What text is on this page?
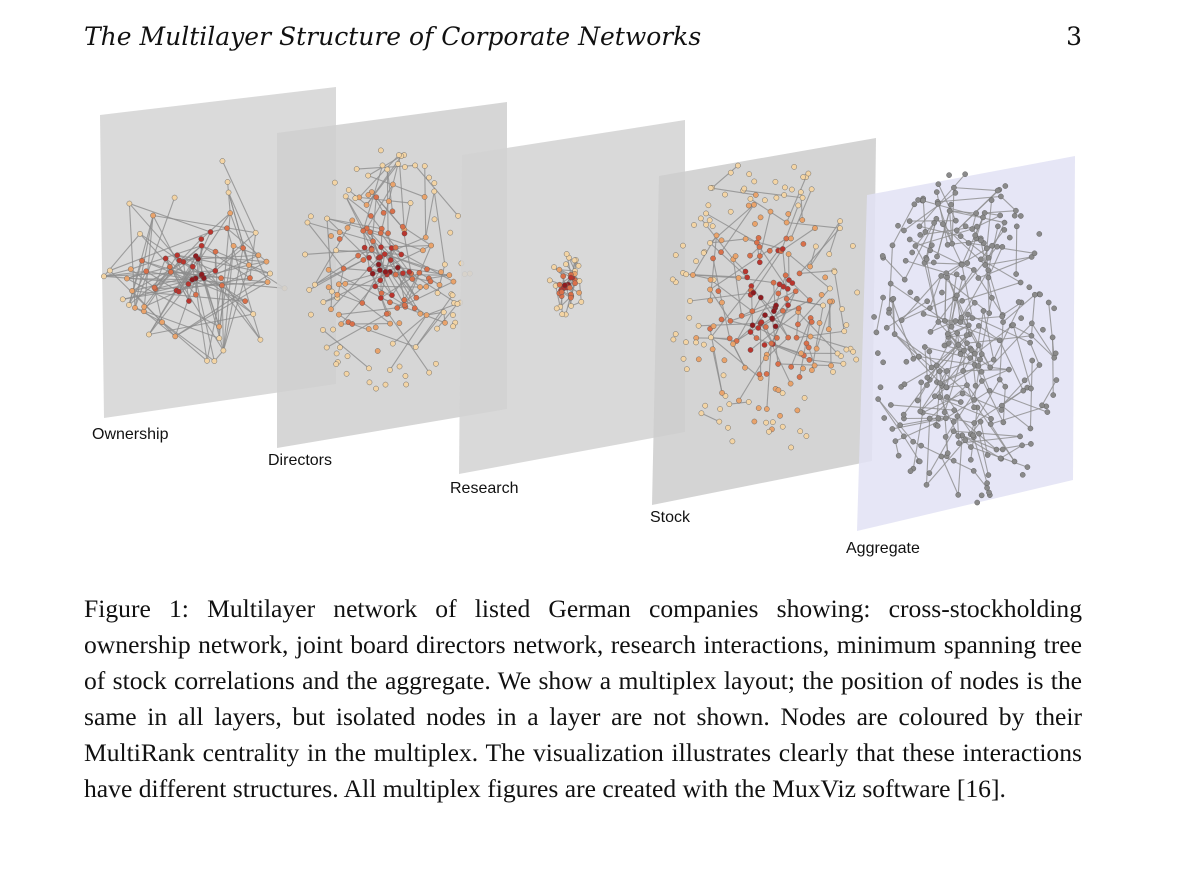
The Multilayer Structure of Corporate Networks	3
Ownership
Directors
Research
Stock
Aggregate
Figure 1: Multilayer network of listed German companies showing: cross-stockholding ownership network, joint board directors network, research interactions, minimum spanning tree of stock correlations and the aggregate. We show a multiplex layout; the position of nodes is the same in all layers, but isolated nodes in a layer are not shown. Nodes are coloured by their MultiRank centrality in the multiplex. The visualization illustrates clearly that these interactions have different structures. All multiplex figures are created with the MuxViz software [16].
